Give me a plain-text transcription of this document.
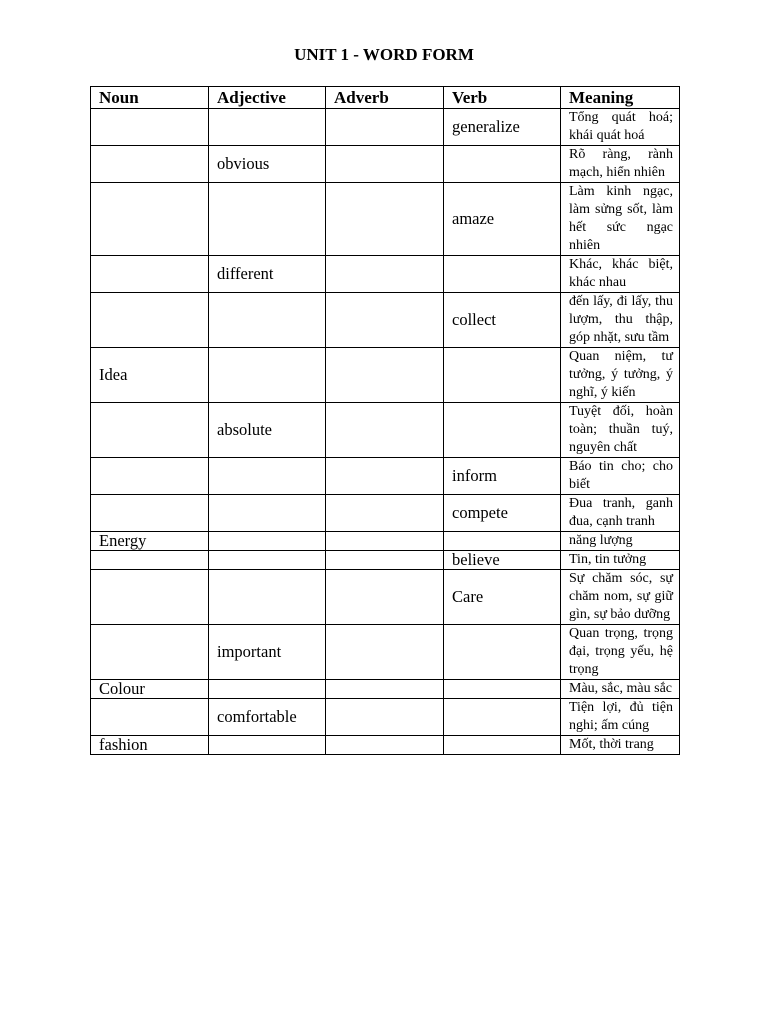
UNIT 1 - WORD FORM
Noun	Adjective	Adverb	Verb	Meaning
			generalize	Tổng quát hoá; khái quát hoá
	obvious			Rõ ràng, rành mạch, hiển nhiên
			amaze	Làm kinh ngạc, làm sửng sốt, làm hết sức ngạc nhiên
	different			Khác, khác biệt, khác nhau
			collect	đến lấy, đi lấy, thu lượm, thu thập, góp nhặt, sưu tầm
Idea				Quan niệm, tư tưởng, ý tưởng, ý nghĩ, ý kiến
	absolute			Tuyệt đối, hoàn toàn; thuần tuý, nguyên chất
			inform	Báo tin cho; cho biết
			compete	Đua tranh, ganh đua, cạnh tranh
Energy				năng lượng
			believe	Tin, tin tưởng
			Care	Sự chăm sóc, sự chăm nom, sự giữ gìn, sự bảo dưỡng
	important			Quan trọng, trọng đại, trọng yếu, hệ trọng
Colour				Màu, sắc, màu sắc
	comfortable			Tiện lợi, đủ tiện nghi; ấm cúng
fashion				Mốt, thời trang
